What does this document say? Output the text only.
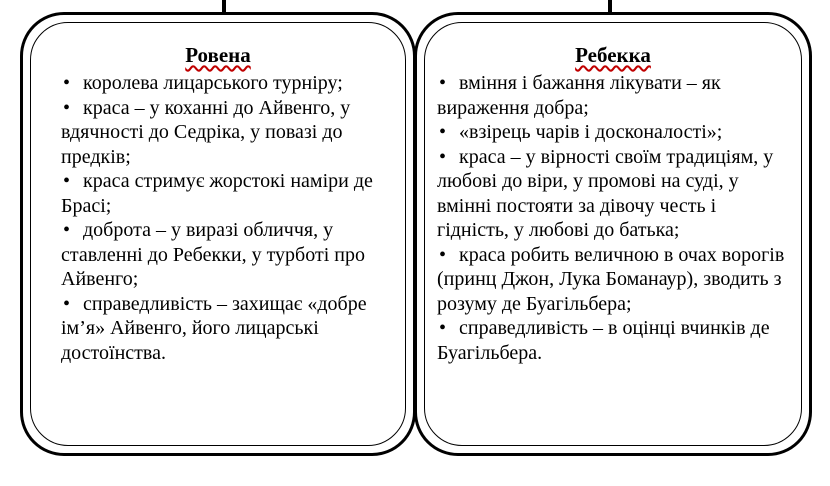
Ровена
• королева лицарського турніру;
• краса – у коханні до Айвенго, у вдячності до Седріка, у повазі до предків;
• краса стримує жорстокі наміри де Брасі;
• доброта – у виразі обличчя, у ставленні до Ребекки, у турботі про Айвенго;
• справедливість – захищає «добре ім’я» Айвенго, його лицарські достоїнства.
Ребекка
• вміння і бажання лікувати – як вираження добра;
• «взірець чарів і досконалості»;
• краса – у вірності своїм традиціям, у любові до віри, у промові на суді, у вмінні постояти за дівочу честь і гідність, у любові до батька;
• краса робить величною в очах ворогів (принц Джон, Лука Боманаур), зводить з розуму де Буагільбера;
• справедливість – в оцінці вчинків де Буагільбера.
